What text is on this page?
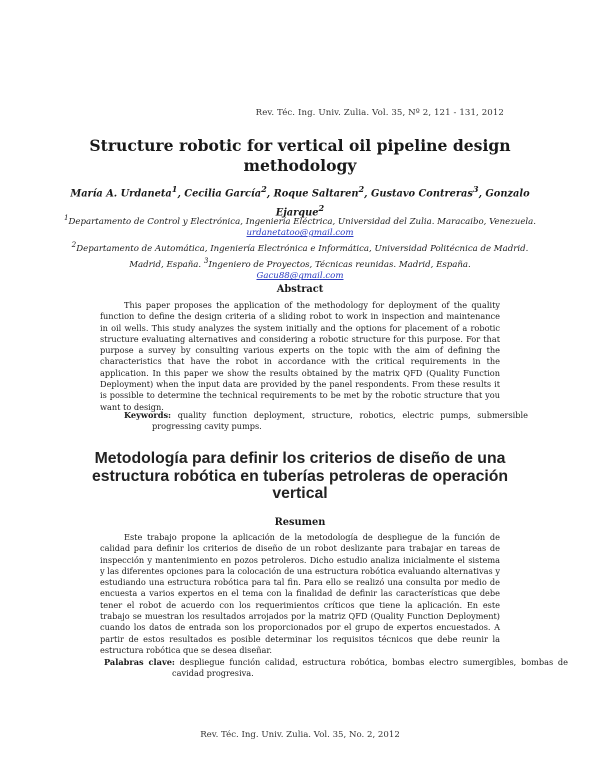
Rev. Téc. Ing. Univ. Zulia. Vol. 35, Nº 2, 121 - 131, 2012
Structure robotic for vertical oil pipeline design methodology
María A. Urdaneta$^1$, Cecilia García$^2$, Roque Saltaren$^2$, Gustavo Contreras$^3$, Gonzalo Ejarque$^2$
$^1$Departamento de Control y Electrónica, Ingeniería Eléctrica, Universidad del Zulia. Maracaibo, Venezuela. urdanetatoo@gmail.com
$^2$Departamento de Automática, Ingeniería Electrónica e Informática, Universidad Politécnica de Madrid. Madrid, España. $^3$Ingeniero de Proyectos, Técnicas reunidas. Madrid, España.
Gacu88@gmail.com
Abstract

This paper proposes the application of the methodology for deployment of the quality function to define the design criteria of a sliding robot to work in inspection and maintenance in oil wells. This study analyzes the system initially and the options for placement of a robotic structure evaluating alternatives and considering a robotic structure for this purpose. For that purpose a survey by consulting various experts on the topic with the aim of defining the characteristics that have the robot in accordance with the critical requirements in the application. In this paper we show the results obtained by the matrix QFD (Quality Function Deployment) when the input data are provided by the panel respondents. From these results it is possible to determine the technical requirements to be met by the robotic structure that you want to design.

Keywords: quality function deployment, structure, robotics, electric pumps, submersible progressing cavity pumps.
Metodología para definir los criterios de diseño de una estructura robótica en tuberías petroleras de operación vertical
Resumen

Este trabajo propone la aplicación de la metodología de despliegue de la función de calidad para definir los criterios de diseño de un robot deslizante para trabajar en tareas de inspección y mantenimiento en pozos petroleros. Dicho estudio analiza inicialmente el sistema y las diferentes opciones para la colocación de una estructura robótica evaluando alternativas y estudiando una estructura robótica para tal fin. Para ello se realizó una consulta por medio de encuesta a varios expertos en el tema con la finalidad de definir las características que debe tener el robot de acuerdo con los requerimientos críticos que tiene la aplicación. En este trabajo se muestran los resultados arrojados por la matriz QFD (Quality Function Deployment) cuando los datos de entrada son los proporcionados por el grupo de expertos encuestados. A partir de estos resultados es posible determinar los requisitos técnicos que debe reunir la estructura robótica que se desea diseñar.

Palabras clave: despliegue función calidad, estructura robótica, bombas electro sumergibles, bombas de cavidad progresiva.
Rev. Téc. Ing. Univ. Zulia. Vol. 35, No. 2, 2012
